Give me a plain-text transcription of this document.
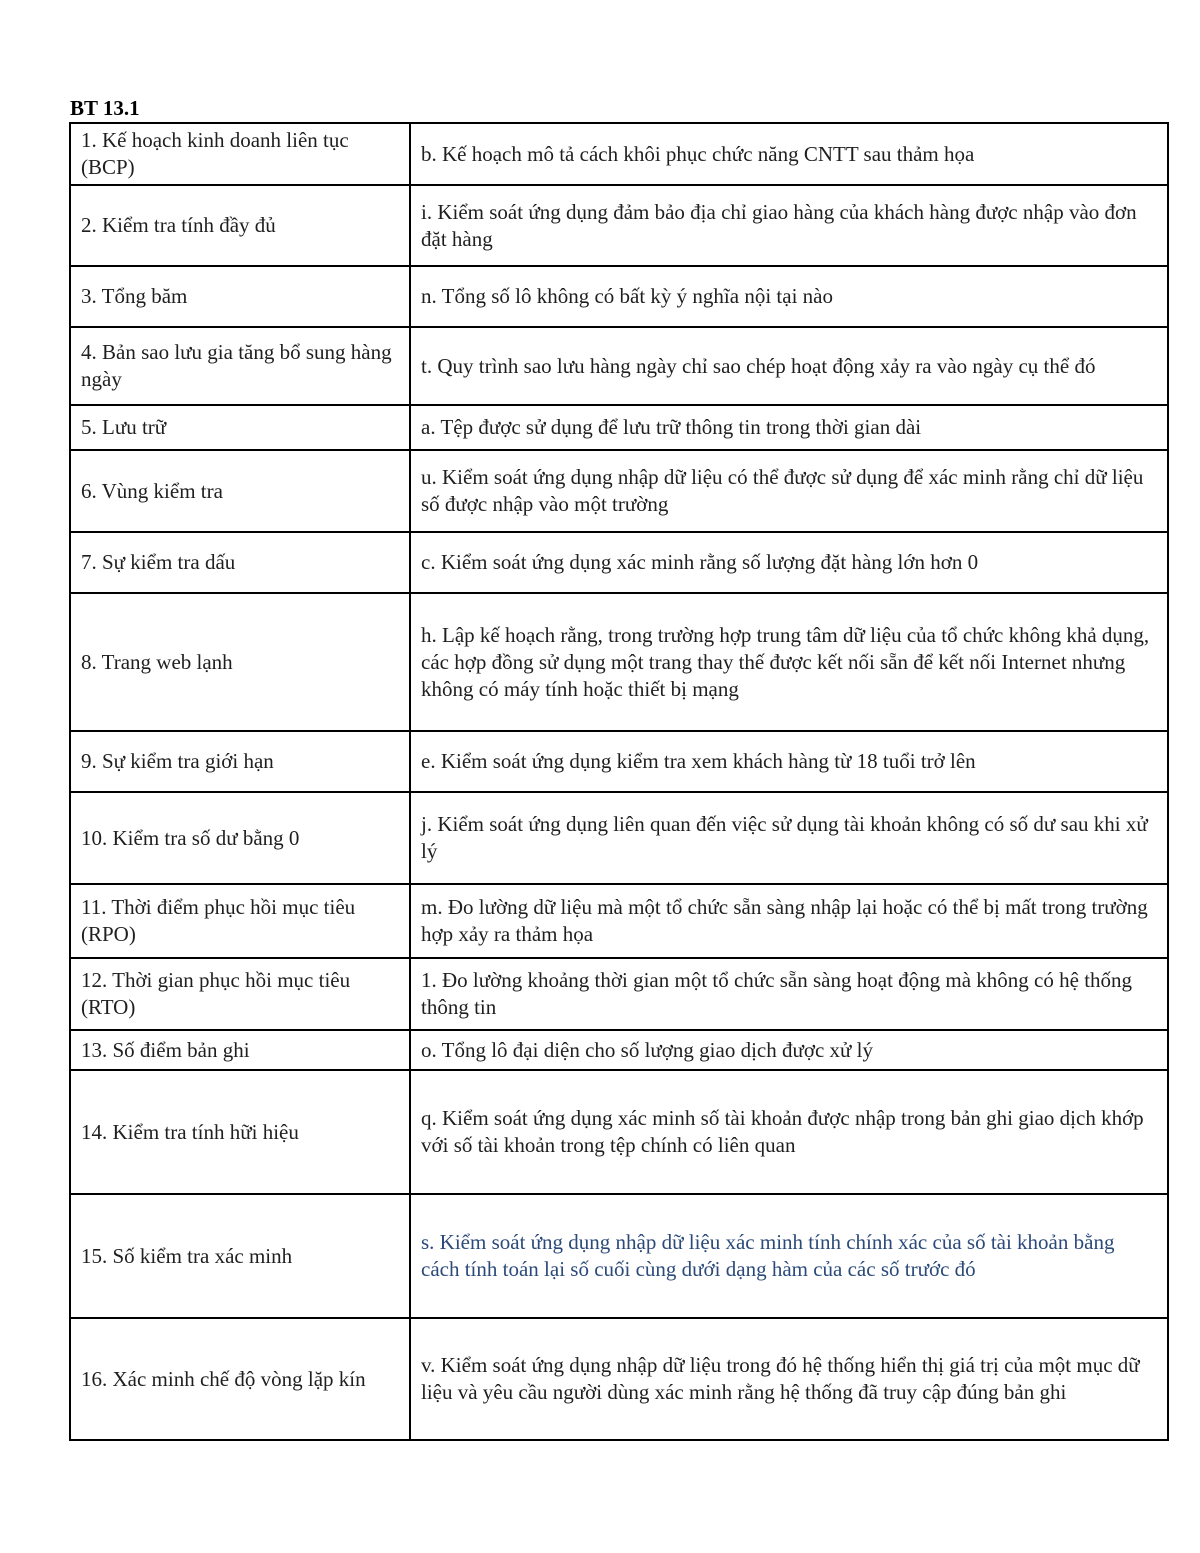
BT 13.1
1. Kế hoạch kinh doanh liên tục (BCP)	b. Kế hoạch mô tả cách khôi phục chức năng CNTT sau thảm họa
2. Kiểm tra tính đầy đủ	i. Kiểm soát ứng dụng đảm bảo địa chỉ giao hàng của khách hàng được nhập vào đơn đặt hàng
3. Tổng băm	n. Tổng số lô không có bất kỳ ý nghĩa nội tại nào
4. Bản sao lưu gia tăng bổ sung hàng ngày	t. Quy trình sao lưu hàng ngày chỉ sao chép hoạt động xảy ra vào ngày cụ thể đó
5. Lưu trữ	a. Tệp được sử dụng để lưu trữ thông tin trong thời gian dài
6. Vùng kiểm tra	u. Kiểm soát ứng dụng nhập dữ liệu có thể được sử dụng để xác minh rằng chỉ dữ liệu số được nhập vào một trường
7. Sự kiểm tra dấu	c. Kiểm soát ứng dụng xác minh rằng số lượng đặt hàng lớn hơn 0
8. Trang web lạnh	h. Lập kế hoạch rằng, trong trường hợp trung tâm dữ liệu của tổ chức không khả dụng, các hợp đồng sử dụng một trang thay thế được kết nối sẵn để kết nối Internet nhưng không có máy tính hoặc thiết bị mạng
9. Sự kiểm tra giới hạn	e. Kiểm soát ứng dụng kiểm tra xem khách hàng từ 18 tuổi trở lên
10. Kiểm tra số dư bằng 0	j. Kiểm soát ứng dụng liên quan đến việc sử dụng tài khoản không có số dư sau khi xử lý
11. Thời điểm phục hồi mục tiêu (RPO)	m. Đo lường dữ liệu mà một tổ chức sẵn sàng nhập lại hoặc có thể bị mất trong trường hợp xảy ra thảm họa
12. Thời gian phục hồi mục tiêu (RTO)	1. Đo lường khoảng thời gian một tổ chức sẵn sàng hoạt động mà không có hệ thống thông tin
13. Số điểm bản ghi	o. Tổng lô đại diện cho số lượng giao dịch được xử lý
14. Kiểm tra tính hữi hiệu	q. Kiểm soát ứng dụng xác minh số tài khoản được nhập trong bản ghi giao dịch khớp với số tài khoản trong tệp chính có liên quan
15. Số kiểm tra xác minh	s. Kiểm soát ứng dụng nhập dữ liệu xác minh tính chính xác của số tài khoản bằng cách tính toán lại số cuối cùng dưới dạng hàm của các số trước đó
16. Xác minh chế độ vòng lặp kín	v. Kiểm soát ứng dụng nhập dữ liệu trong đó hệ thống hiển thị giá trị của một mục dữ liệu và yêu cầu người dùng xác minh rằng hệ thống đã truy cập đúng bản ghi
